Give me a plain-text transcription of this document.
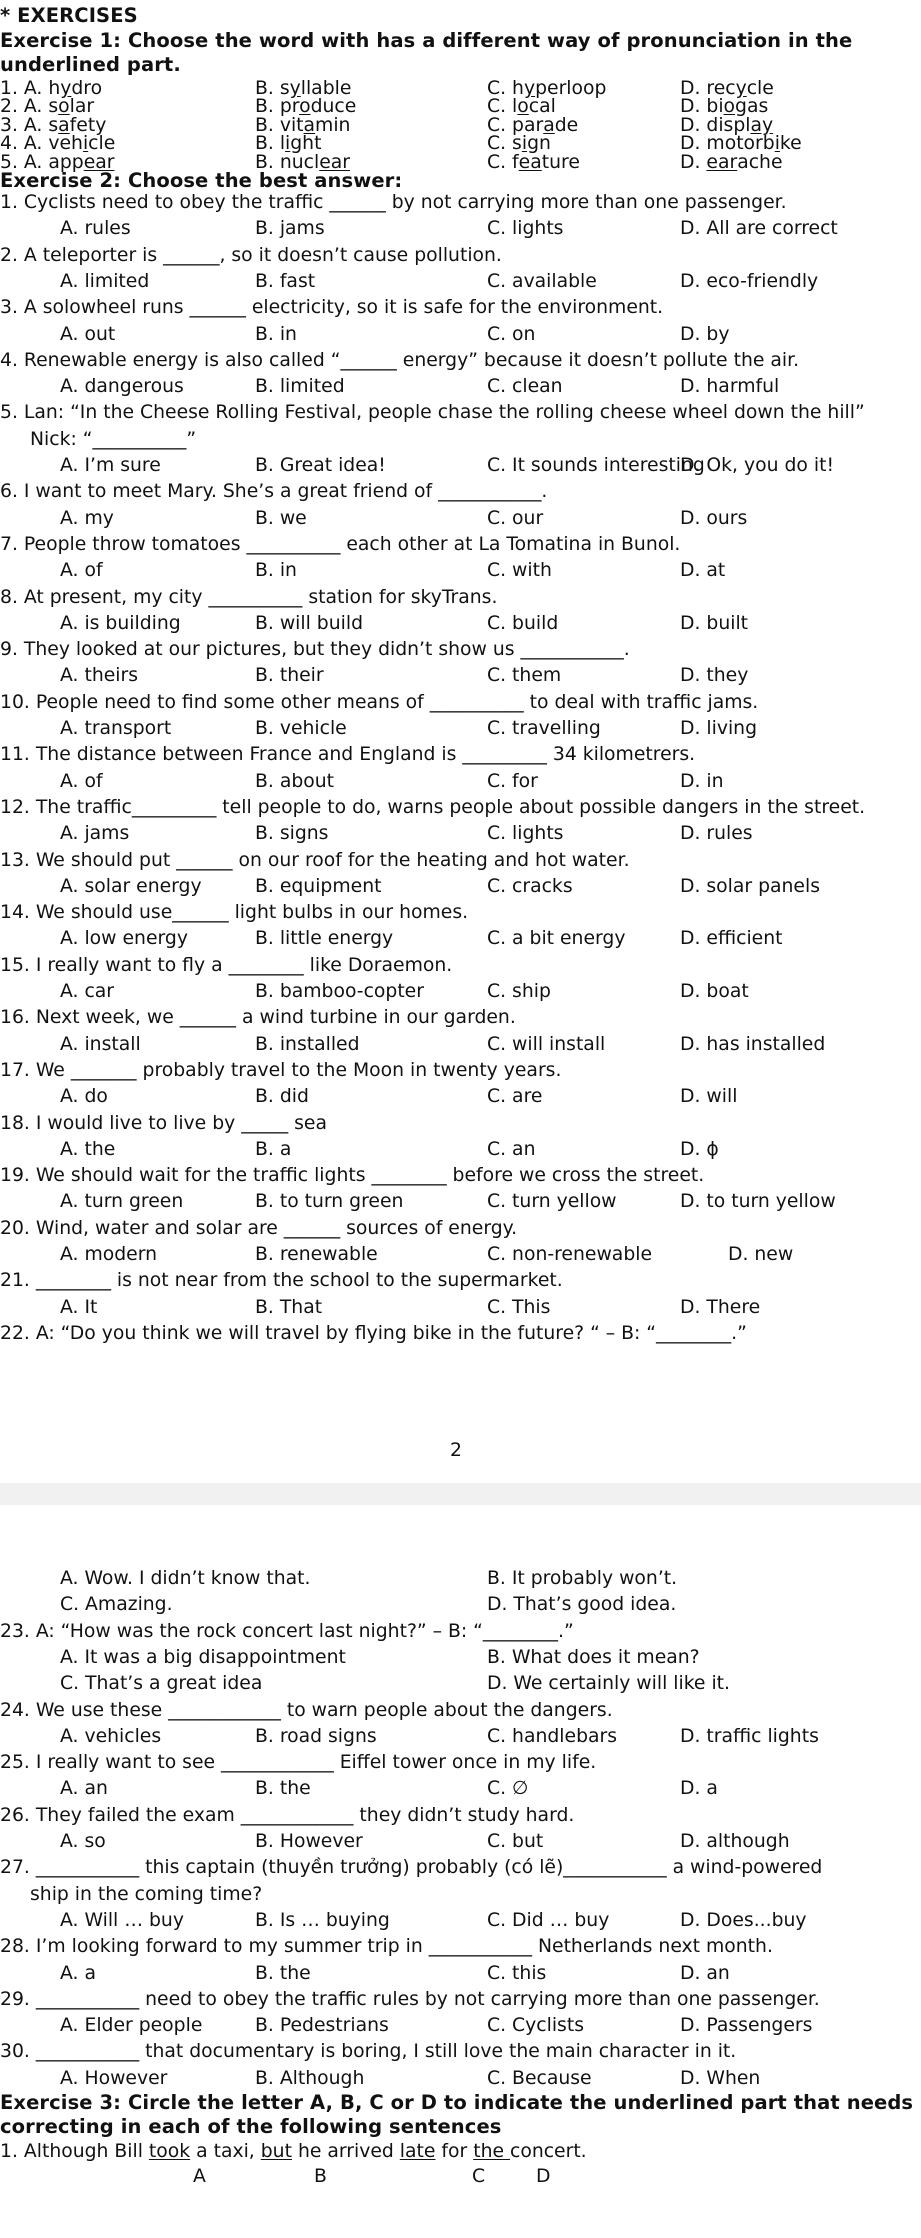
* EXERCISES
Exercise 1: Choose the word with has a different way of pronunciation in the
underlined part.
1. A. hydro	B. syllable	C. hyperloop	D. recycle
2. A. solar	B. produce	C. local	D. biogas
3. A. safety	B. vitamin	C. parade	D. display
4. A. vehicle	B. light	C. sign	D. motorbike
5. A. appear	B. nuclear	C. feature	D. earache
Exercise 2: Choose the best answer:
1. Cyclists need to obey the traffic ______ by not carrying more than one passenger.
A. rules	B. jams	C. lights	D. All are correct
2. A teleporter is ______, so it doesn’t cause pollution.
A. limited	B. fast	C. available	D. eco-friendly
3. A solowheel runs ______ electricity, so it is safe for the environment.
A. out	B. in	C. on	D. by
4. Renewable energy is also called “______ energy” because it doesn’t pollute the air.
A. dangerous	B. limited	C. clean	D. harmful
5. Lan: “In the Cheese Rolling Festival, people chase the rolling cheese wheel down the hill”
Nick: “__________”
A. I’m sure	B. Great idea!	C. It sounds interesting
D. Ok, you do it!
6. I want to meet Mary. She’s a great friend of ___________.
A. my	B. we	C. our	D. ours
7. People throw tomatoes __________ each other at La Tomatina in Bunol.
A. of	B. in	C. with	D. at
8. At present, my city __________ station for skyTrans.
A. is building	B. will build	C. build	D. built
9. They looked at our pictures, but they didn’t show us ___________.
A. theirs	B. their	C. them	D. they
10. People need to find some other means of __________ to deal with traffic jams.
A. transport	B. vehicle	C. travelling	D. living
11. The distance between France and England is _________ 34 kilometrers.
A. of	B. about	C. for	D. in
12. The traffic_________ tell people to do, warns people about possible dangers in the street.
A. jams	B. signs	C. lights	D. rules
13. We should put ______ on our roof for the heating and hot water.
A. solar energy	B. equipment	C. cracks	D. solar panels
14. We should use______ light bulbs in our homes.
A. low energy	B. little energy	C. a bit energy	D. efficient
15. I really want to fly a ________ like Doraemon.
A. car	B. bamboo-copter	C. ship	D. boat
16. Next week, we ______ a wind turbine in our garden.
A. install	B. installed	C. will install	D. has installed
17. We _______ probably travel to the Moon in twenty years.
A. do	B. did	C. are	D. will
18. I would live to live by _____ sea
A. the	B. a	C. an	D. ϕ
19. We should wait for the traffic lights ________ before we cross the street.
A. turn green	B. to turn green	C. turn yellow	D. to turn yellow
20. Wind, water and solar are ______ sources of energy.
A. modern	B. renewable	C. non-renewable	D. new
21. ________ is not near from the school to the supermarket.
A. It	B. That	C. This	D. There
22. A: “Do you think we will travel by flying bike in the future? “ – B: “________.”
2
A. Wow. I didn’t know that.	B. It probably won’t.
C. Amazing.	D. That’s good idea.
23. A: “How was the rock concert last night?” – B: “________.”
A. It was a big disappointment	B. What does it mean?
C. That’s a great idea	D. We certainly will like it.
24. We use these ____________ to warn people about the dangers.
A. vehicles	B. road signs	C. handlebars	D. traffic lights
25. I really want to see ____________ Eiffel tower once in my life.
A. an	B. the	C. ∅	D. a
26. They failed the exam ____________ they didn’t study hard.
A. so	B. However	C. but	D. although
27. ___________ this captain (thuyền trưởng) probably (có lẽ)___________ a wind-powered
ship in the coming time?
A. Will … buy	B. Is … buying	C. Did … buy	D. Does...buy
28. I’m looking forward to my summer trip in ___________ Netherlands next month.
A. a	B. the	C. this	D. an
29. ___________ need to obey the traffic rules by not carrying more than one passenger.
A. Elder people	B. Pedestrians	C. Cyclists	D. Passengers
30. ___________ that documentary is boring, I still love the main character in it.
A. However	B. Although	C. Because	D. When
Exercise 3: Circle the letter A, B, C or D to indicate the underlined part that needs
correcting in each of the following sentences
1. Although Bill took a taxi, but he arrived late for the concert.
A	B	C	D
